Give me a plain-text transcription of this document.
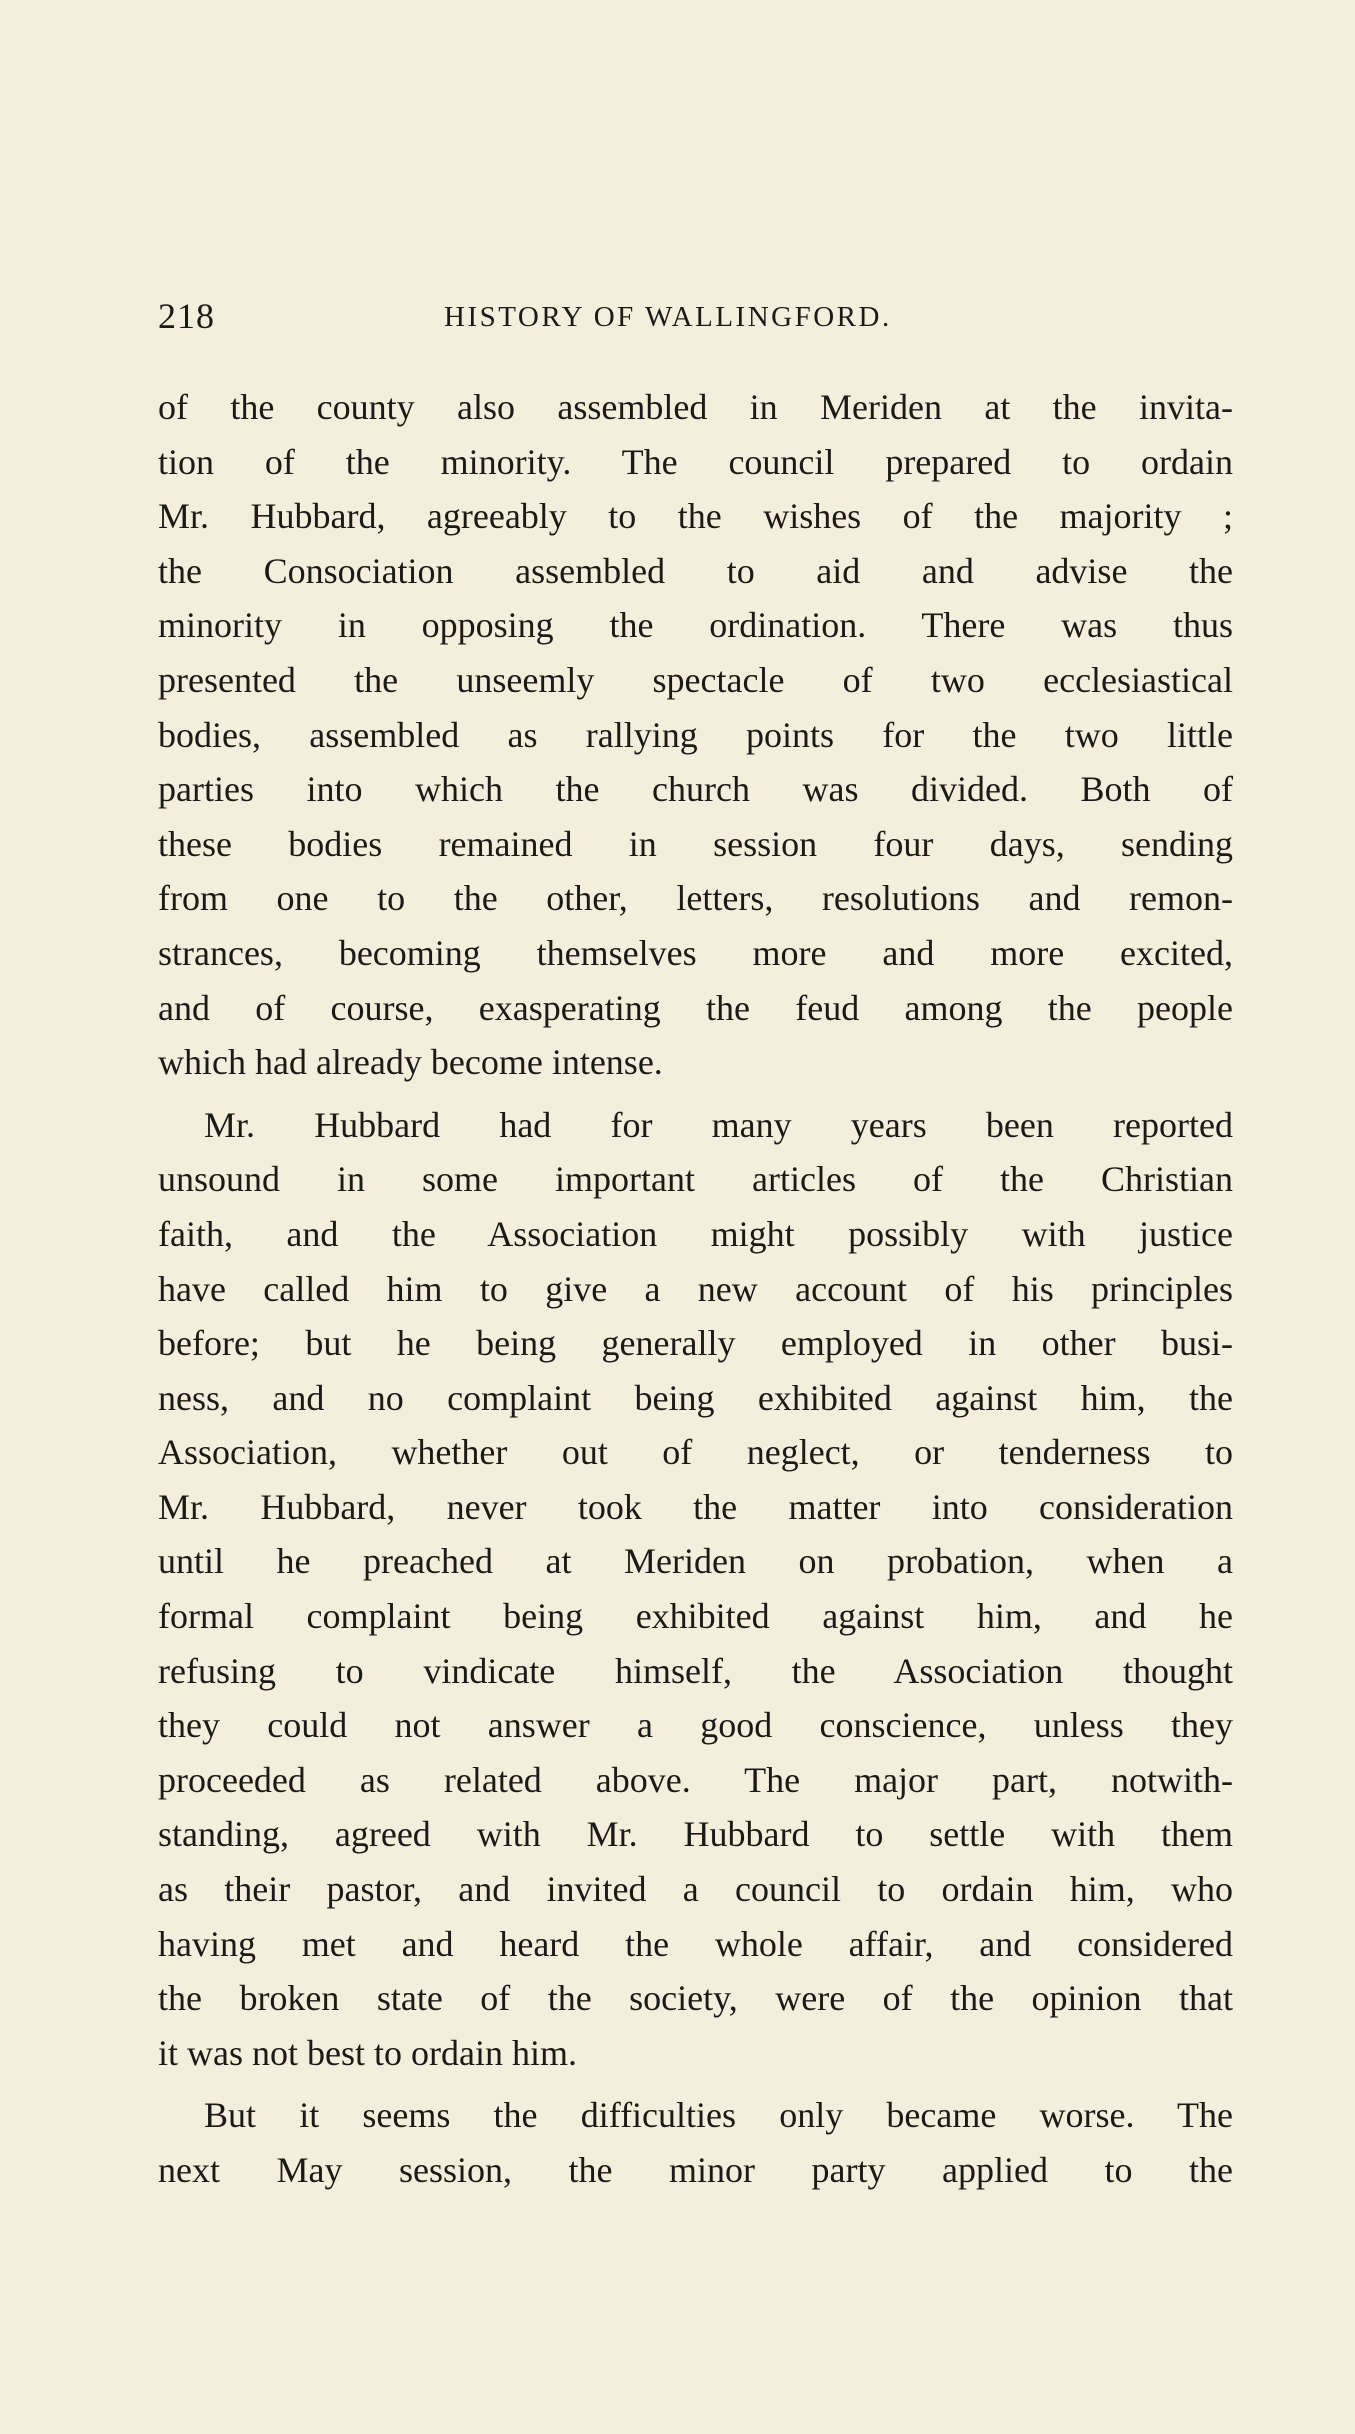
218	HISTORY OF WALLINGFORD.
of the county also assembled in Meriden at the invita-
tion of the minority. The council prepared to ordain
Mr. Hubbard, agreeably to the wishes of the majority ;
the Consociation assembled to aid and advise the
minority in opposing the ordination. There was thus
presented the unseemly spectacle of two ecclesiastical
bodies, assembled as rallying points for the two little
parties into which the church was divided. Both of
these bodies remained in session four days, sending
from one to the other, letters, resolutions and remon-
strances, becoming themselves more and more excited,
and of course, exasperating the feud among the people
which had already become intense.
Mr. Hubbard had for many years been reported
unsound in some important articles of the Christian
faith, and the Association might possibly with justice
have called him to give a new account of his principles
before; but he being generally employed in other busi-
ness, and no complaint being exhibited against him, the
Association, whether out of neglect, or tenderness to
Mr. Hubbard, never took the matter into consideration
until he preached at Meriden on probation, when a
formal complaint being exhibited against him, and he
refusing to vindicate himself, the Association thought
they could not answer a good conscience, unless they
proceeded as related above. The major part, notwith-
standing, agreed with Mr. Hubbard to settle with them
as their pastor, and invited a council to ordain him, who
having met and heard the whole affair, and considered
the broken state of the society, were of the opinion that
it was not best to ordain him.
But it seems the difficulties only became worse. The
next May session, the minor party applied to the
